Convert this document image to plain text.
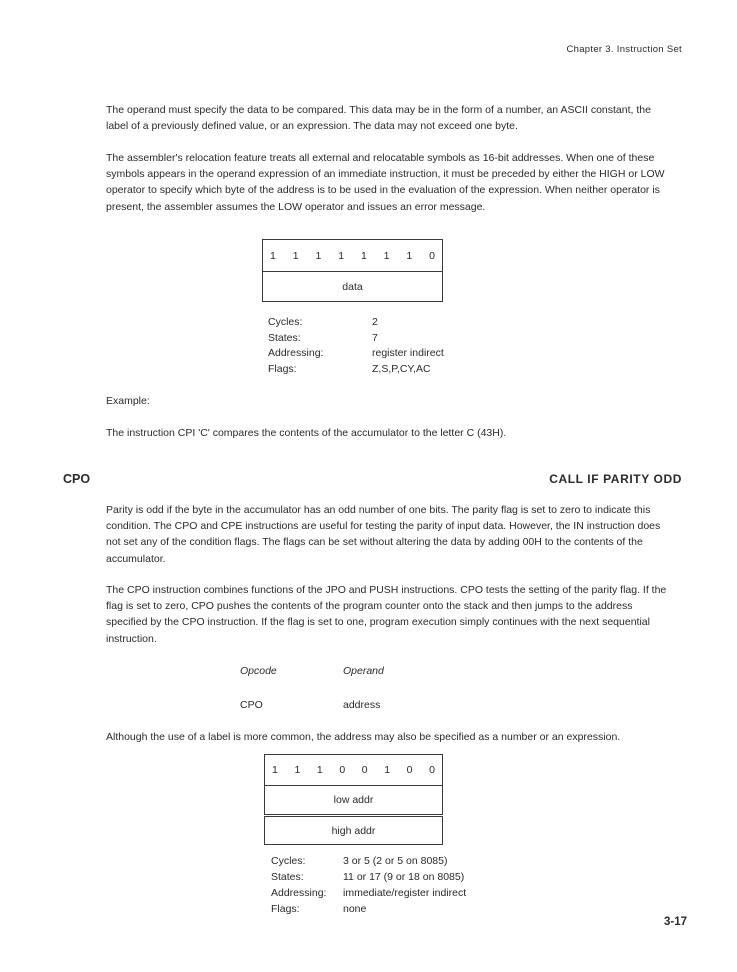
Chapter 3. Instruction Set

The operand must specify the data to be compared. This data may be in the form of a number, an ASCII constant, the label of a previously defined value, or an expression. The data may not exceed one byte.

The assembler's relocation feature treats all external and relocatable symbols as 16-bit addresses. When one of these symbols appears in the operand expression of an immediate instruction, it must be preceded by either the HIGH or LOW operator to specify which byte of the address is to be used in the evaluation of the expression. When neither operator is present, the assembler assumes the LOW operator and issues an error message.

1 1 1 1 1 1 1 0
data
Cycles:	2
States:	7
Addressing:	register indirect
Flags:	Z,S,P,CY,AC
Example:
The instruction CPI 'C' compares the contents of the accumulator to the letter C (43H).
CPO	CALL IF PARITY ODD

Parity is odd if the byte in the accumulator has an odd number of one bits. The parity flag is set to zero to indicate this condition. The CPO and CPE instructions are useful for testing the parity of input data. However, the IN instruction does not set any of the condition flags. The flags can be set without altering the data by adding 00H to the contents of the accumulator.

The CPO instruction combines functions of the JPO and PUSH instructions. CPO tests the setting of the parity flag. If the flag is set to zero, CPO pushes the contents of the program counter onto the stack and then jumps to the address specified by the CPO instruction. If the flag is set to one, program execution simply continues with the next sequential instruction.

Opcode	Operand
CPO	address

Although the use of a label is more common, the address may also be specified as a number or an expression.

1 1 1 0 0 1 0 0
low addr
high addr
Cycles:	3 or 5 (2 or 5 on 8085)
States:	11 or 17 (9 or 18 on 8085)
Addressing: immediate/register indirect
Flags:	none
3-17
